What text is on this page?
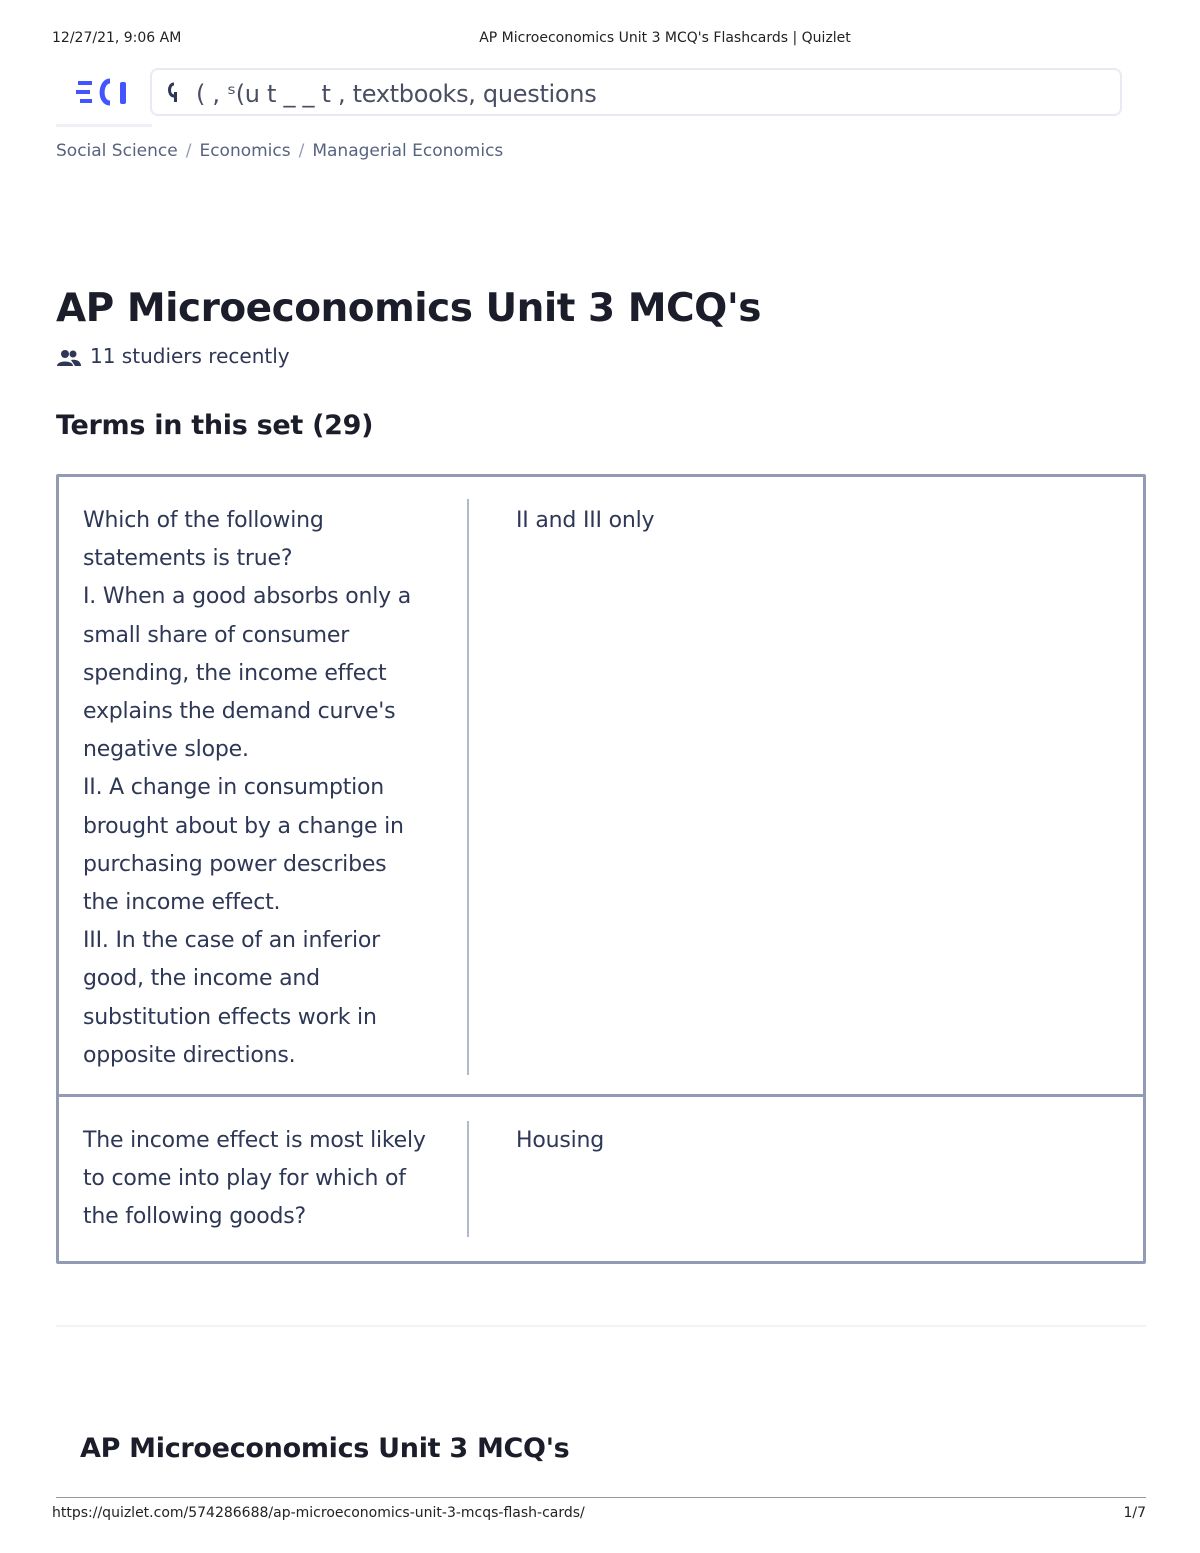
12/27/21, 9:06 AM	AP Microeconomics Unit 3 MCQ's Flashcards | Quizlet
( , ˢ(u t _ _ t , textbooks, questions
Social Science / Economics / Managerial Economics
AP Microeconomics Unit 3 MCQ's
11 studiers recently
Terms in this set (29)
Which of the following
statements is true?
I. When a good absorbs only a
small share of consumer
spending, the income effect
explains the demand curve's
negative slope.
II. A change in consumption
brought about by a change in
purchasing power describes
the income effect.
III. In the case of an inferior
good, the income and
substitution effects work in
opposite directions.
II and III only
The income effect is most likely
to come into play for which of
the following goods?
Housing
AP Microeconomics Unit 3 MCQ's
https://quizlet.com/574286688/ap-microeconomics-unit-3-mcqs-flash-cards/	1/7
